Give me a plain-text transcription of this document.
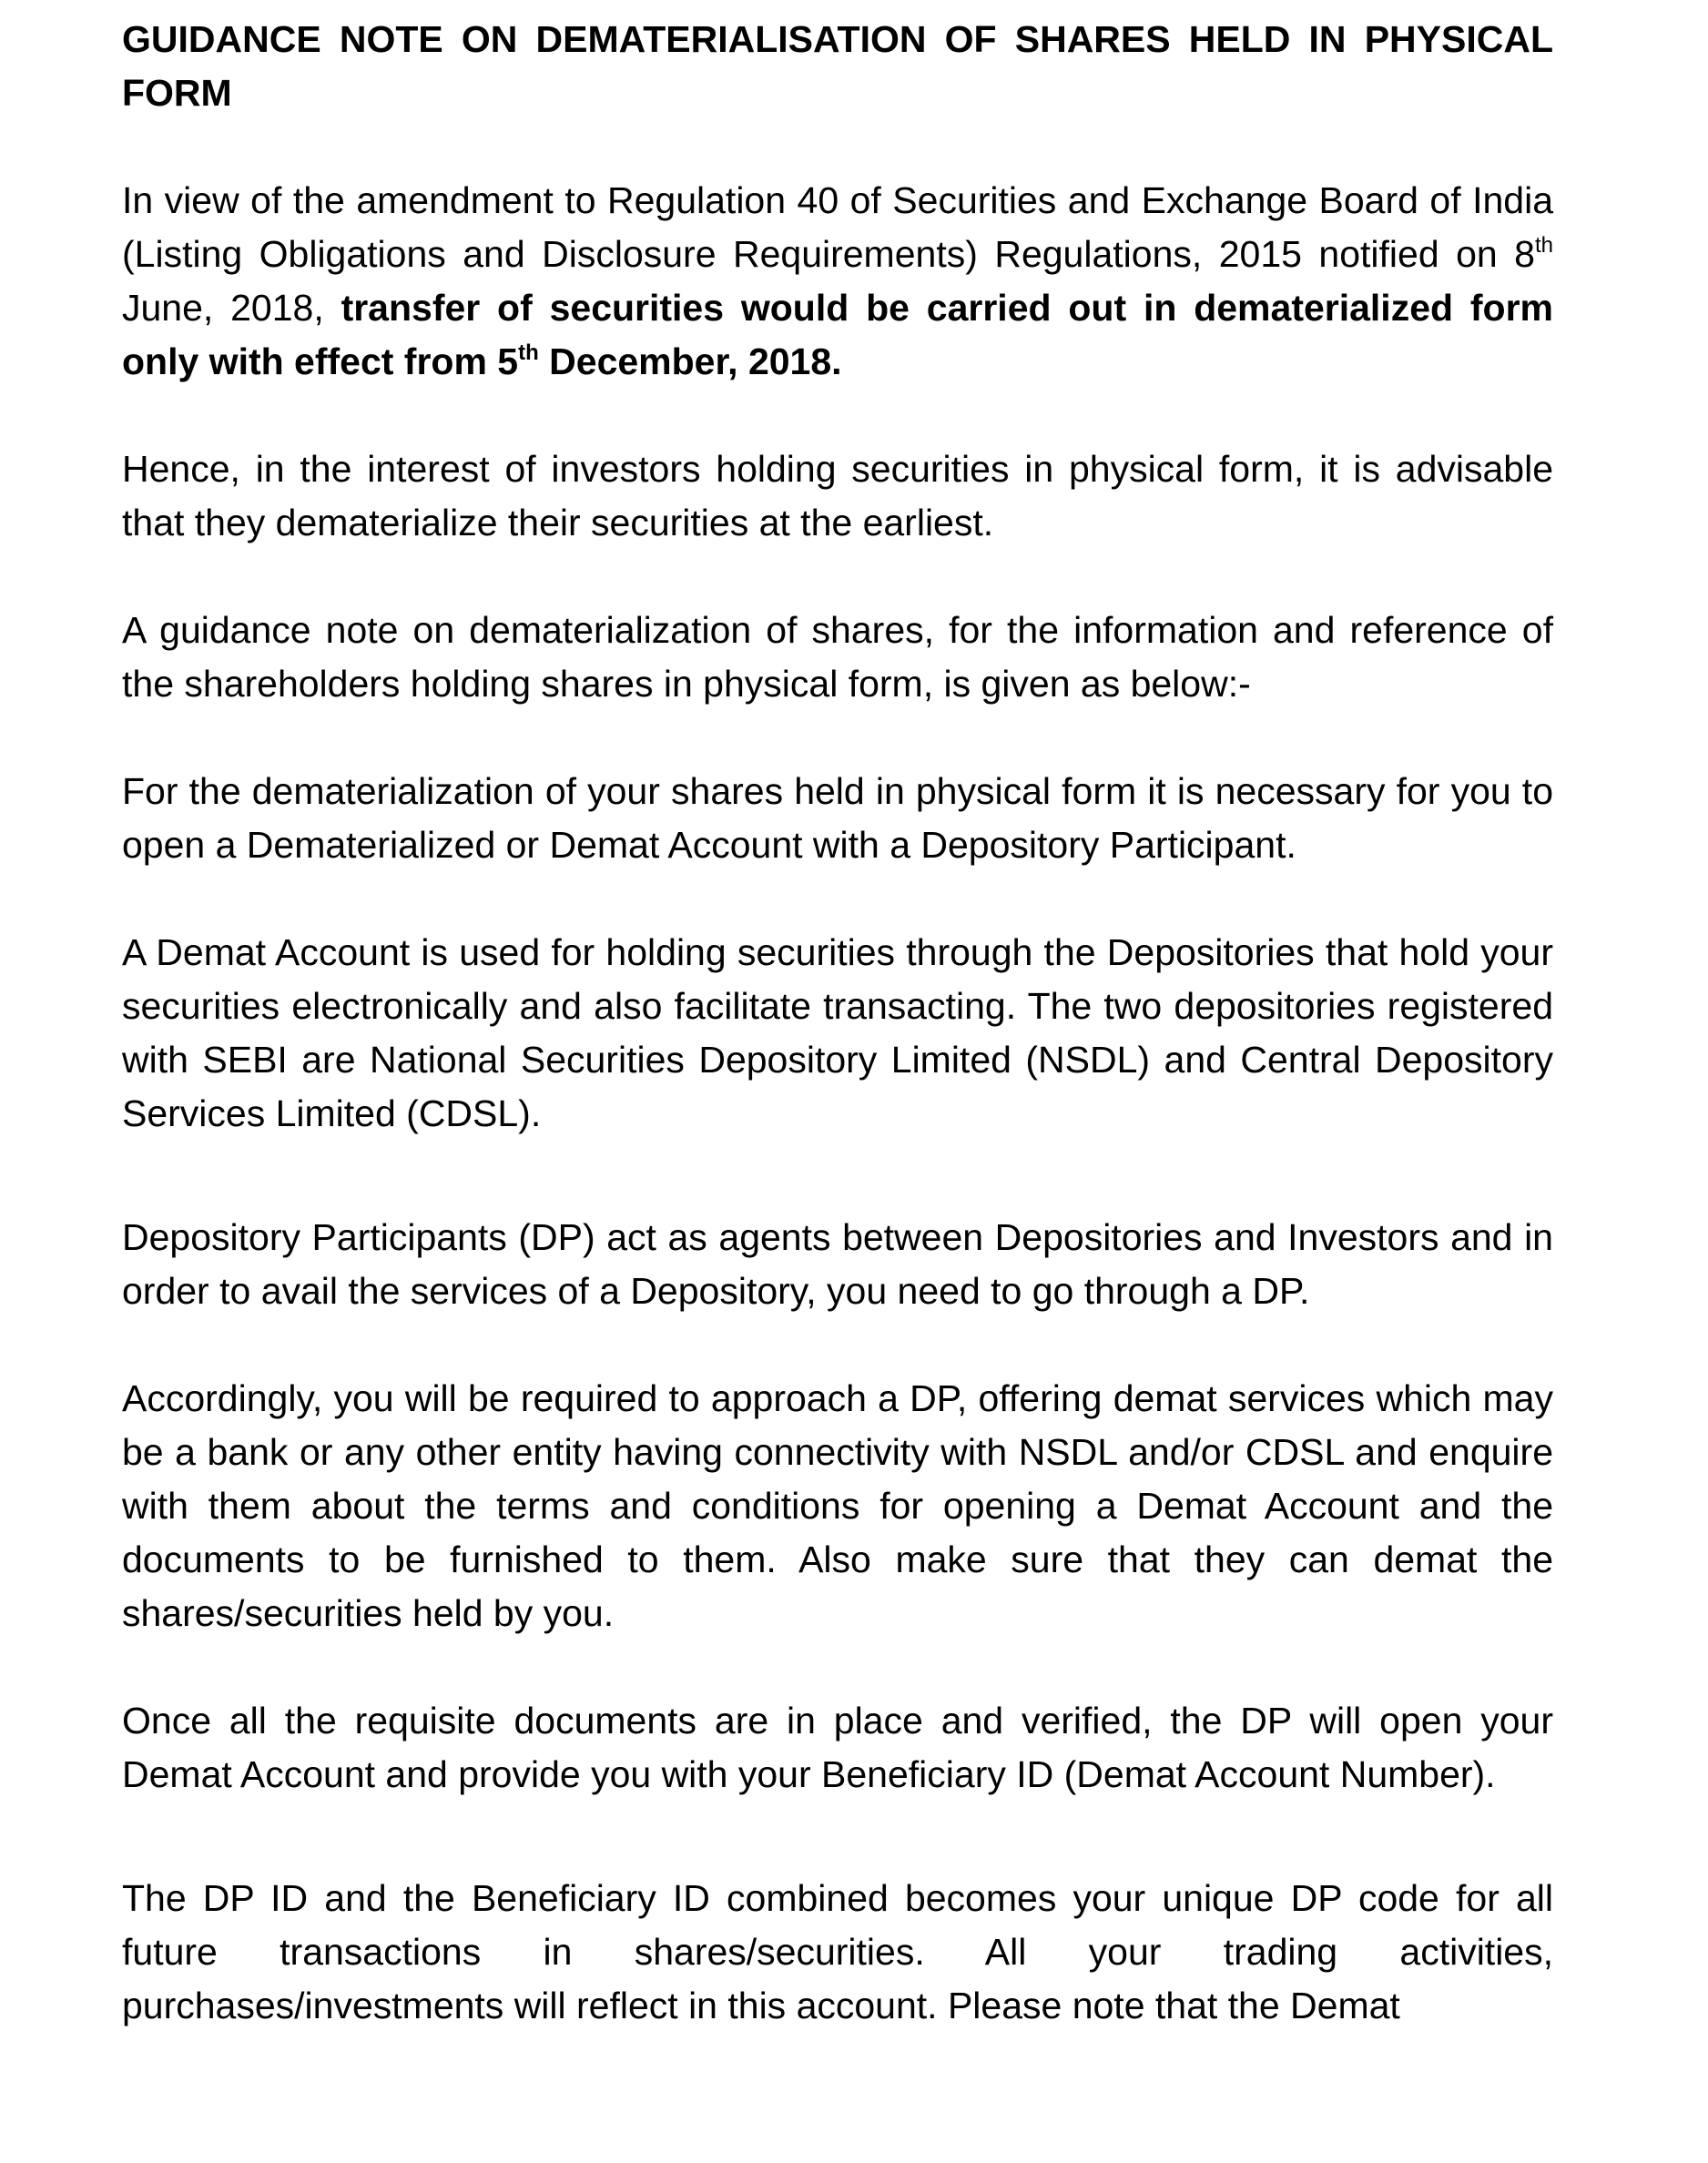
GUIDANCE NOTE ON DEMATERIALISATION OF SHARES HELD IN PHYSICAL FORM

In view of the amendment to Regulation 40 of Securities and Exchange Board of India (Listing Obligations and Disclosure Requirements) Regulations, 2015 notified on 8th June, 2018, transfer of securities would be carried out in dematerialized form only with effect from 5th December, 2018.

Hence, in the interest of investors holding securities in physical form, it is advisable that they dematerialize their securities at the earliest.

A guidance note on dematerialization of shares, for the information and reference of the shareholders holding shares in physical form, is given as below:-

For the dematerialization of your shares held in physical form it is necessary for you to open a Dematerialized or Demat Account with a Depository Participant.

A Demat Account is used for holding securities through the Depositories that hold your securities electronically and also facilitate transacting. The two depositories registered with SEBI are National Securities Depository Limited (NSDL) and Central Depository Services Limited (CDSL).

Depository Participants (DP) act as agents between Depositories and Investors and in order to avail the services of a Depository, you need to go through a DP.

Accordingly, you will be required to approach a DP, offering demat services which may be a bank or any other entity having connectivity with NSDL and/or CDSL and enquire with them about the terms and conditions for opening a Demat Account and the documents to be furnished to them. Also make sure that they can demat the shares/securities held by you.

Once all the requisite documents are in place and verified, the DP will open your Demat Account and provide you with your Beneficiary ID (Demat Account Number).

The DP ID and the Beneficiary ID combined becomes your unique DP code for all future transactions in shares/securities. All your trading activities, purchases/investments will reflect in this account. Please note that the Demat
